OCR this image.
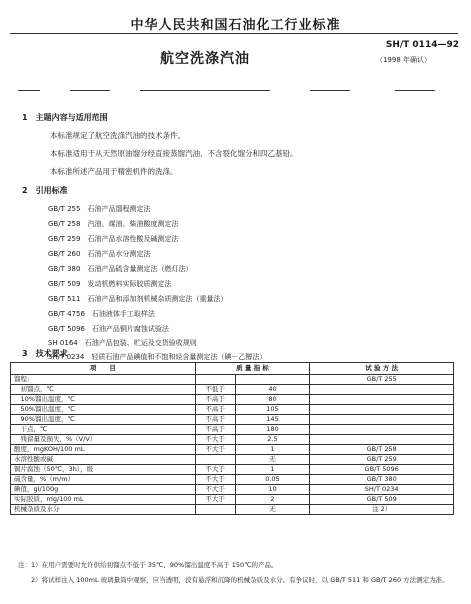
中华人民共和国石油化工行业标准
SH/T 0114—92
（1998 年确认）
航空洗涤汽油
1　主题内容与适用范围
本标准规定了航空洗涤汽油的技术条件。
本标准适用于从天然原油馏分经直接蒸馏汽油、不含裂化馏分和四乙基铅。
本标准所述产品用于精密机件的洗涤。
2　引用标准
GB/T 255　石油产品馏程测定法
GB/T 258　汽油、煤油、柴油酸度测定法
GB/T 259　石油产品水溶性酸及碱测定法
GB/T 260　石油产品水分测定法
GB/T 380　石油产品硫含量测定法（燃灯法）
GB/T 509　发动机燃料实际胶质测定法
GB/T 511　石油产品和添加剂机械杂质测定法（重量法）
GB/T 4756　石油液体手工取样法
GB/T 5096　石油产品铜片腐蚀试验法
SH 0164　石油产品包装、贮运及交货验收规则
SH/T 0234　轻质石油产品碘值和不饱和烃含量测定法（碘－乙醇法）
3　技术要求
项　　目	质 量 指 标		试 验 方 法
馏程：			GB/T 255
　初馏点，℃	不低于	40	
　10%馏出温度，℃	不高于	80	
　50%馏出温度，℃	不高于	105	
　90%馏出温度，℃	不高于	145	
　干点，℃	不高于	180	
　残留量及损失，%（V/V）	不大于	2.5	
酸度，mgKOH/100 mL	不大于	1	GB/T 258
水溶性酸或碱		无	GB/T 259
铜片腐蚀（50℃，3h），级	不大于	1	GB/T 5096
硫含量，%（m/m）	不大于	0.05	GB/T 380
碘值，gI/100g	不大于	10	SH/T 0234
实际胶质，mg/100 mL	不大于	2	GB/T 509
机械杂质及水分		无	注 2）
注：1）在用户需要时允许供给初馏点不低于 35℃、90%馏出温度不高于 150℃的产品。
　　2）将试样注入 100mL 玻璃量筒中观察，应当透明，没有悬浮和沉降的机械杂质及水分。有争议时，以 GB/T 511 和 GB/T 260 方法测定为准。
